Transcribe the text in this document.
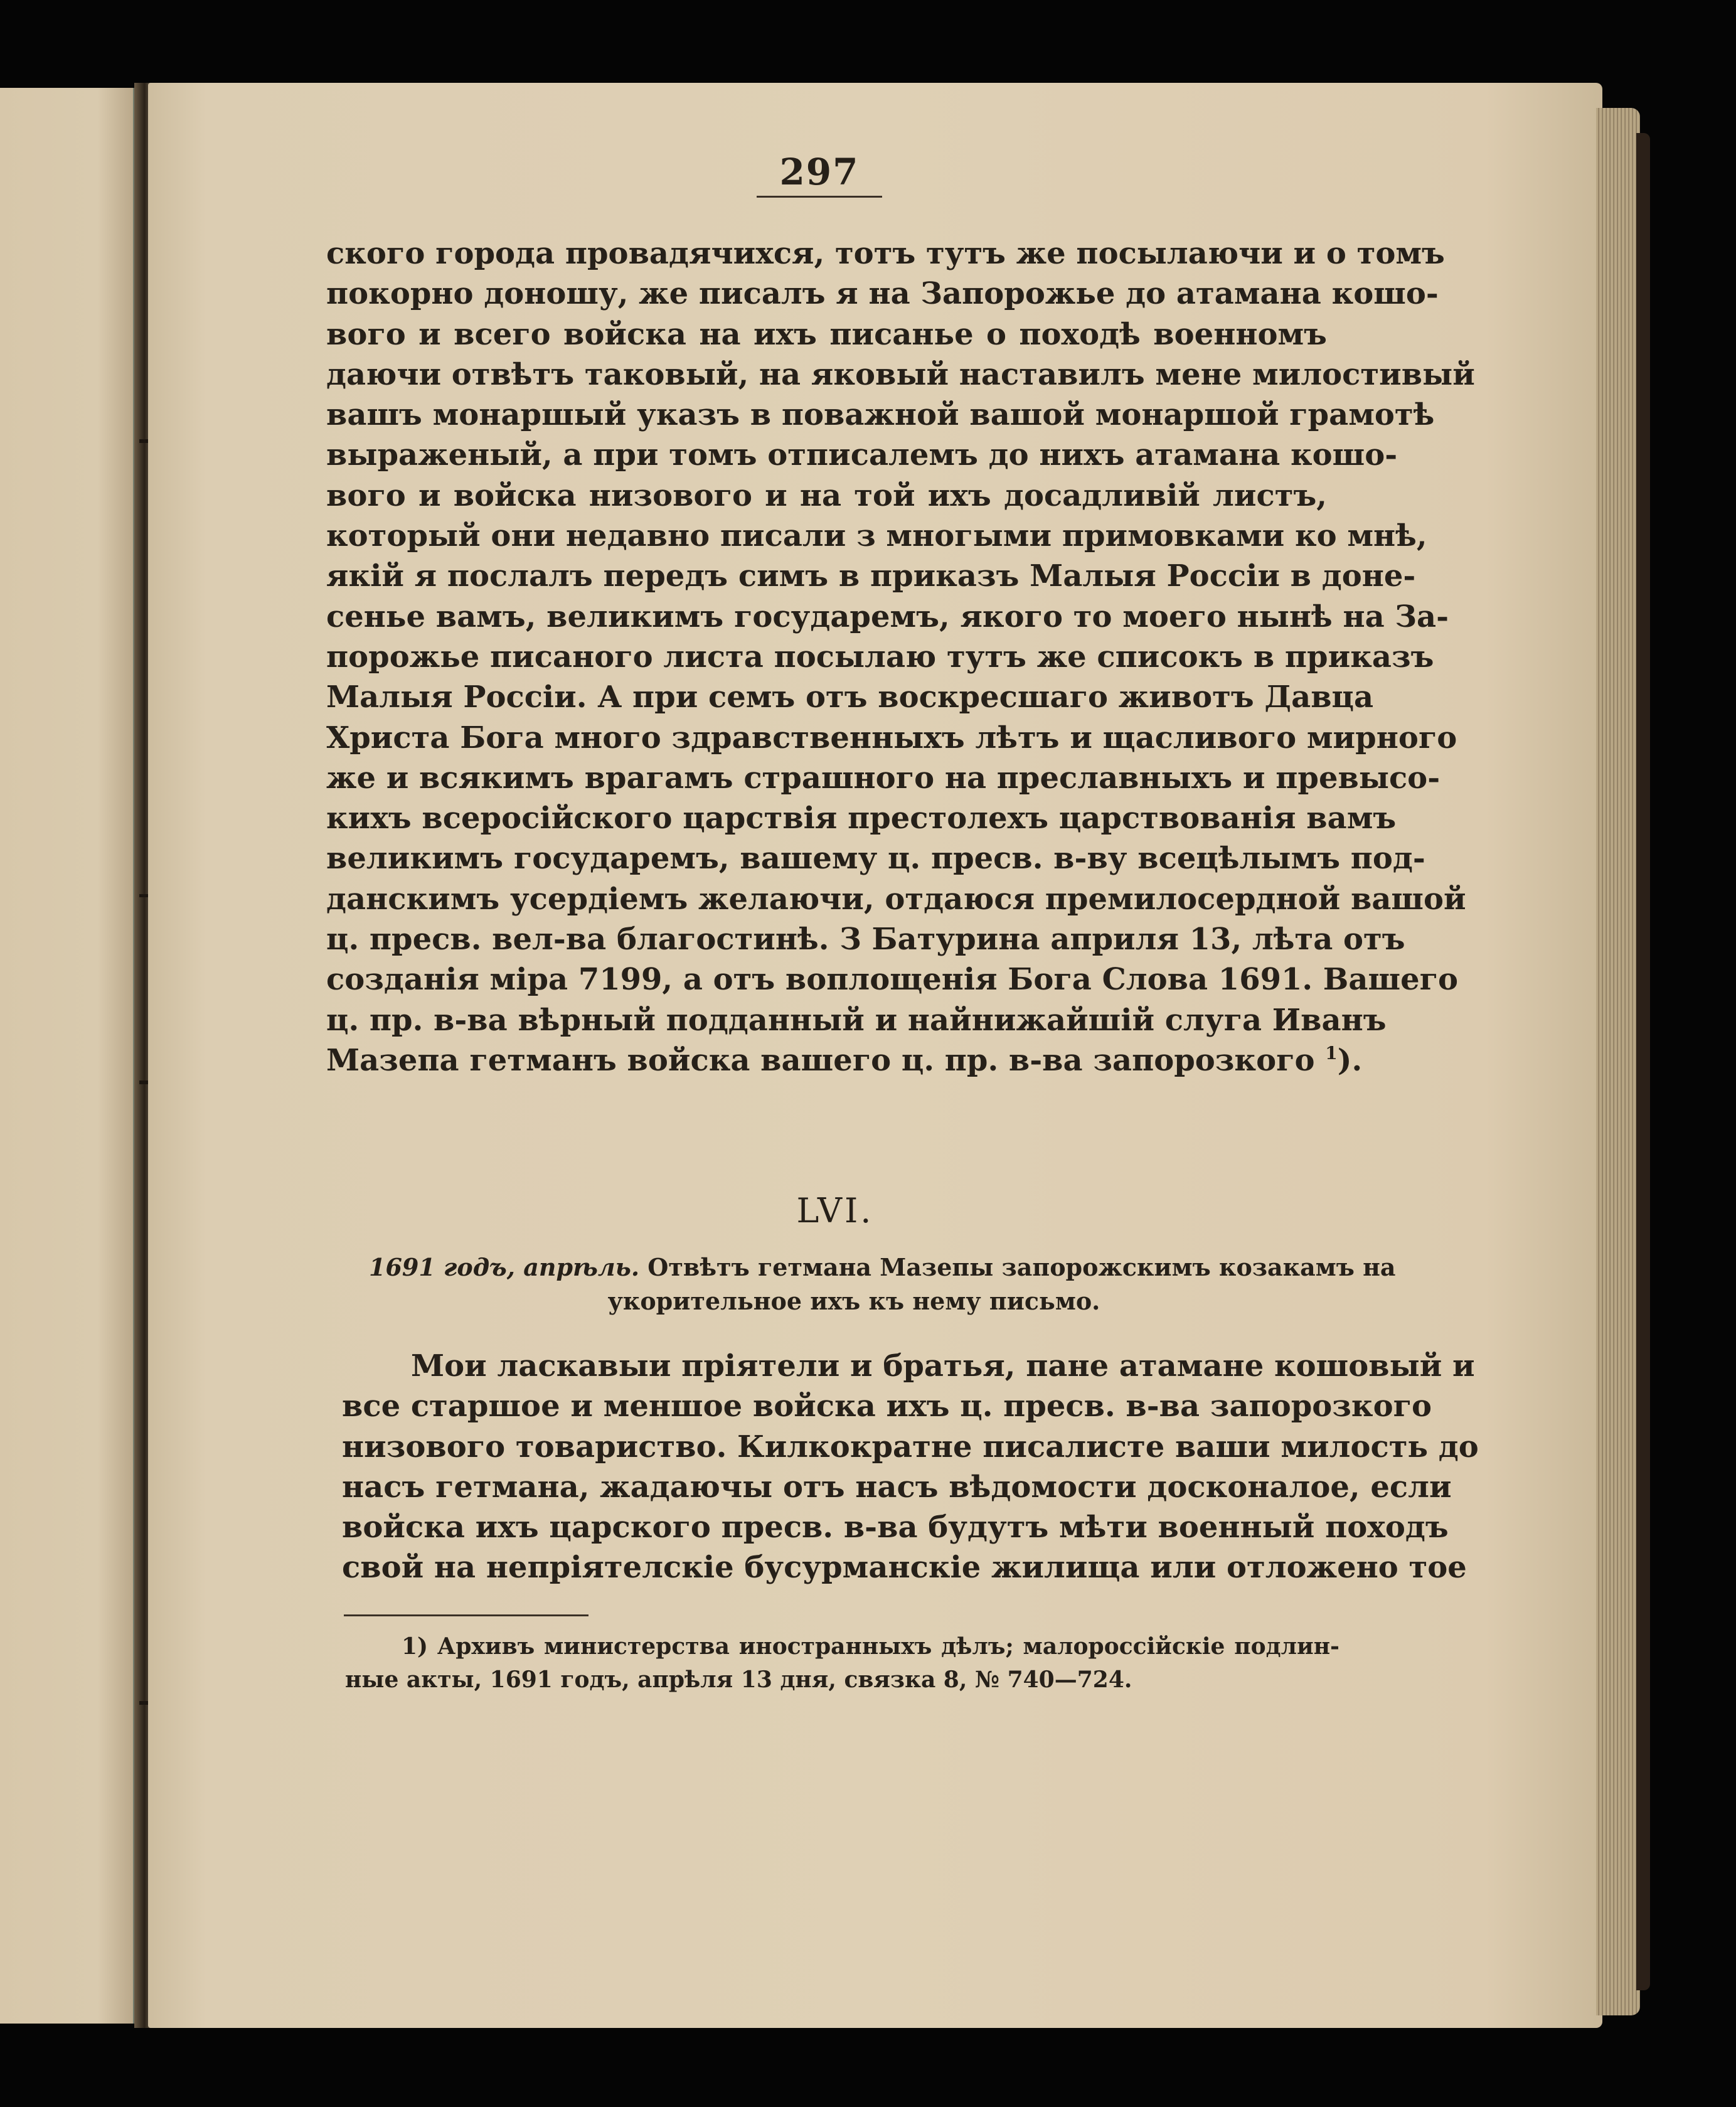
297
ского города провадячихся, тотъ тутъ же посылаючи и о томъ
покорно доношу, же писалъ я на Запорожье до атамана кошо-
вого и всего войска на ихъ писанье о походѣ военномъ
даючи отвѣтъ таковый, на яковый наставилъ мене милостивый
вашъ монаршый указъ в поважной вашой монаршой грамотѣ
выраженый, а при томъ отписалемъ до нихъ атамана кошо-
вого и войска низового и на той ихъ досадливій листъ,
который они недавно писали з многыми примовками ко мнѣ,
якій я послалъ передъ симъ в приказъ Малыя Россіи в доне-
сенье вамъ, великимъ государемъ, якого то моего нынѣ на За-
порожье писаного листа посылаю тутъ же списокъ в приказъ
Малыя Россіи. А при семъ отъ воскресшаго животъ Давца
Христа Бога много здравственныхъ лѣтъ и щасливого мирного
же и всякимъ врагамъ страшного на преславныхъ и превысо-
кихъ всеросійского царствія престолехъ царствованія вамъ
великимъ государемъ, вашему ц. пресв. в-ву всецѣлымъ под-
данскимъ усердіемъ желаючи, отдаюся премилосердной вашой
ц. пресв. вел-ва благостинѣ. З Батурина априля 13, лѣта отъ
созданія міра 7199, а отъ воплощенія Бога Слова 1691. Вашего
ц. пр. в-ва вѣрный подданный и найнижайшій слуга Иванъ
Мазепа гетманъ войска вашего ц. пр. в-ва запорозкого $^1$).
LVI.
1691 годъ, апрѣль. Отвѣтъ гетмана Мазепы запорожскимъ козакамъ на
укорительное ихъ къ нему письмо.
Мои ласкавыи пріятели и братья, пане атамане кошовый и
все старшое и меншое войска ихъ ц. пресв. в-ва запорозкого
низового товариство. Килкократне писалисте ваши милость до
насъ гетмана, жадаючы отъ насъ вѣдомости досконалое, если
войска ихъ царского пресв. в-ва будутъ мѣти военный походъ
свой на непріятелскіе бусурманскіе жилища или отложено тое
1) Архивъ министерства иностранныхъ дѣлъ; малороссійскіе подлин-
ные акты, 1691 годъ, апрѣля 13 дня, связка 8, № 740—724.
